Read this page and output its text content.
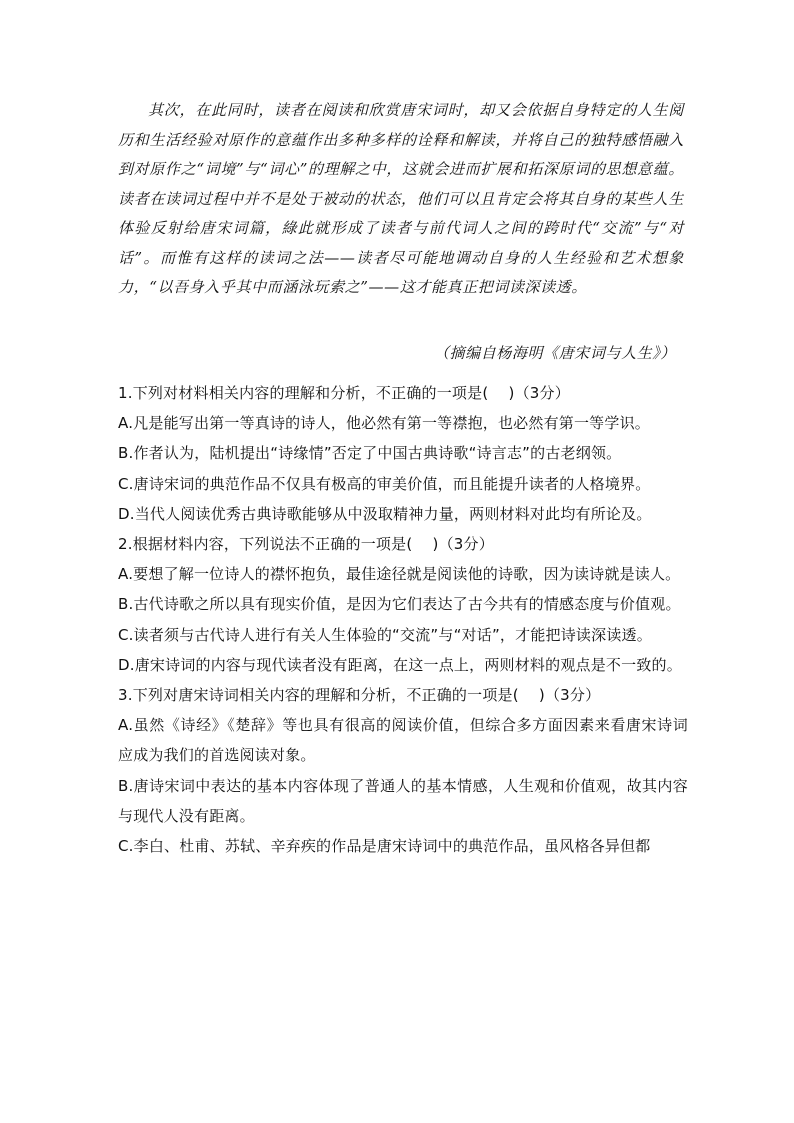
其次，在此同时，读者在阅读和欣赏唐宋词时，却又会依据自身特定的人生阅历和生活经验对原作的意蕴作出多种多样的诠释和解读，并将自己的独特感悟融入到对原作之“词境”与“词心”的理解之中，这就会进而扩展和拓深原词的思想意蕴。读者在读词过程中并不是处于被动的状态，他们可以且肯定会将其自身的某些人生体验反射给唐宋词篇，綠此就形成了读者与前代词人之间的跨时代“交流”与“对话”。而惟有这样的读词之法——读者尽可能地调动自身的人生经验和艺术想象力，“以吾身入乎其中而涵泳玩索之”——这才能真正把词读深读透。

（摘编自杨海明《唐宋词与人生》）

1.下列对材料相关内容的理解和分析，不正确的一项是(　 )（3分）

A.凡是能写出第一等真诗的诗人，他必然有第一等襟抱，也必然有第一等学识。

B.作者认为，陆机提出“诗缘情”否定了中国古典诗歌“诗言志”的古老纲领。

C.唐诗宋词的典范作品不仅具有极高的审美价值，而且能提升读者的人格境界。

D.当代人阅读优秀古典诗歌能够从中汲取精神力量，两则材料对此均有所论及。

2.根据材料内容，下列说法不正确的一项是(　 )（3分）

A.要想了解一位诗人的襟怀抱负，最佳途径就是阅读他的诗歌，因为读诗就是读人。

B.古代诗歌之所以具有现实价值，是因为它们表达了古今共有的情感态度与价值观。

C.读者须与古代诗人进行有关人生体验的“交流”与“对话”，才能把诗读深读透。

D.唐宋诗词的内容与现代读者没有距离，在这一点上，两则材料的观点是不一致的。

3.下列对唐宋诗词相关内容的理解和分析，不正确的一项是(　 )（3分）

A.虽然《诗经》《楚辞》等也具有很高的阅读价值，但综合多方面因素来看唐宋诗词应成为我们的首选阅读对象。

B.唐诗宋词中表达的基本内容体现了普通人的基本情感，人生观和价值观，故其内容与现代人没有距离。

C.李白、杜甫、苏轼、辛弃疾的作品是唐宋诗词中的典范作品，虽风格各异但都
